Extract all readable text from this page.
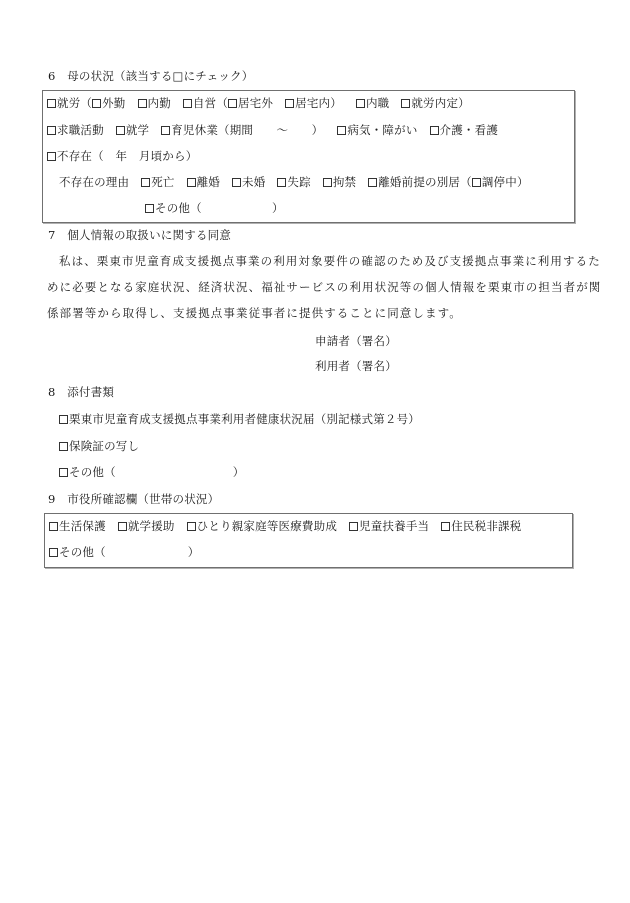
6　母の状況（該当する□にチェック）
就労（ 外勤 内勤 自営（ 居宅外 居宅内） 内職 就労内定）
求職活動 就学 育児休業（期間　　～　　） 病気・障がい 介護・看護
不存在（　年　月頃から）
不存在の理由 死亡 離婚 未婚 失踪 拘禁 離婚前提の別居（ 調停中）
その他（　　　　　　）
7　個人情報の取扱いに関する同意
私は、栗東市児童育成支援拠点事業の利用対象要件の確認のため及び支援拠点事業に利用するた
めに必要となる家庭状況、経済状況、福祉サービスの利用状況等の個人情報を栗東市の担当者が関
係部署等から取得し、支援拠点事業従事者に提供することに同意します。
申請者（署名）
利用者（署名）
8　添付書類
栗東市児童育成支援拠点事業利用者健康状況届（別記様式第２号）
保険証の写し
その他（　　　　　　　　　　）
9　市役所確認欄（世帯の状況）
生活保護 就学援助 ひとり親家庭等医療費助成 児童扶養手当 住民税非課税
その他（　　　　　　　）
